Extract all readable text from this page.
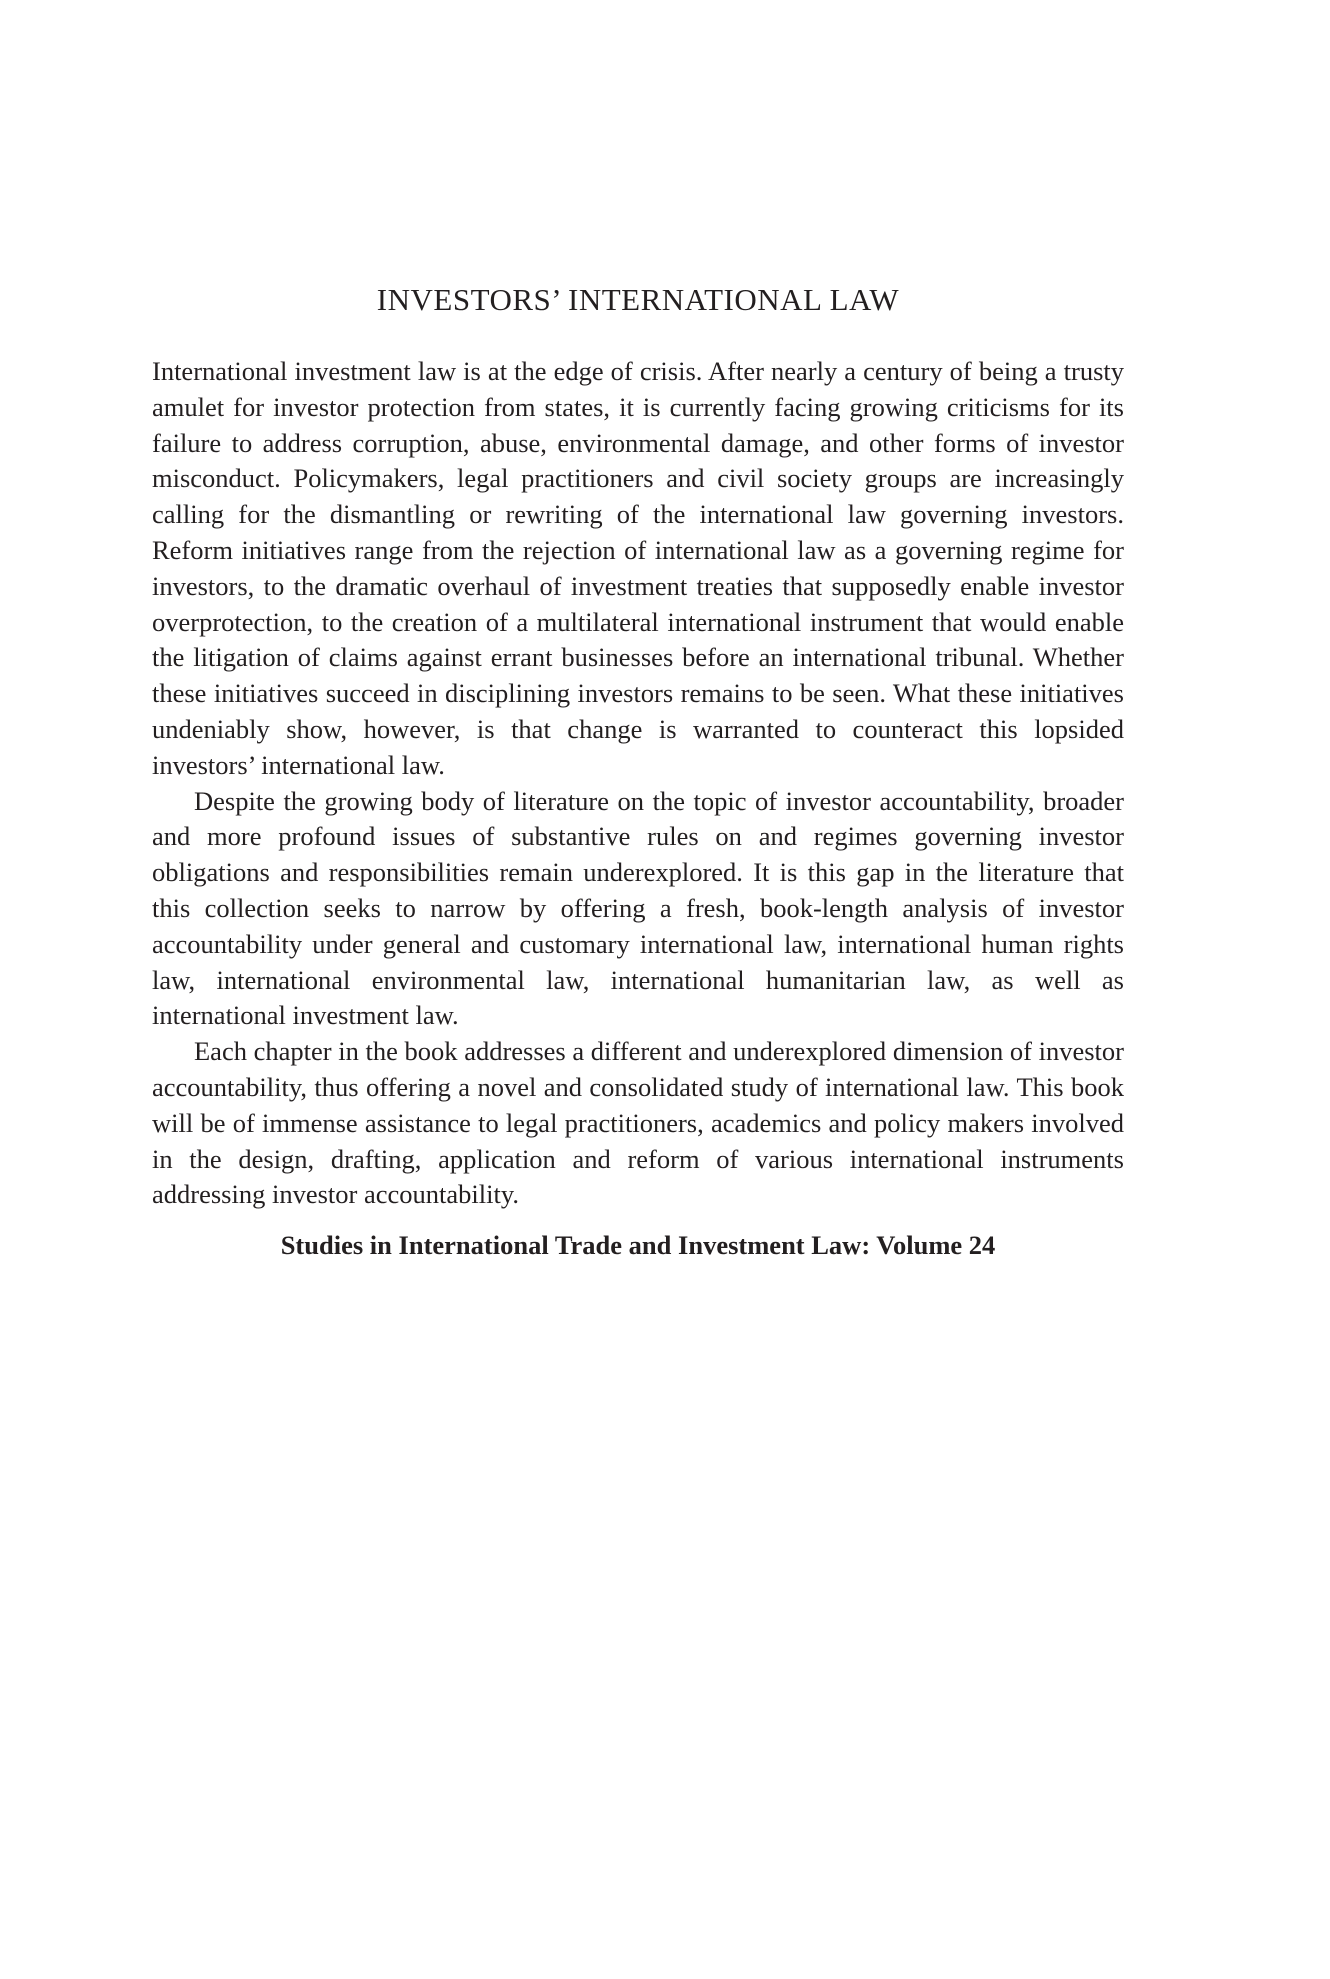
INVESTORS’ INTERNATIONAL LAW

International investment law is at the edge of crisis. After nearly a century of being a trusty amulet for investor protection from states, it is currently facing growing criticisms for its failure to address corruption, abuse, environmental damage, and other forms of investor misconduct. Policymakers, legal practitioners and civil society groups are increasingly calling for the dismantling or rewriting of the international law governing investors. Reform initiatives range from the rejection of international law as a governing regime for investors, to the dramatic overhaul of investment treaties that supposedly enable investor overprotection, to the creation of a multilateral international instrument that would enable the litigation of claims against errant businesses before an international tribunal. Whether these initiatives succeed in disciplining investors remains to be seen. What these initiatives undeniably show, however, is that change is warranted to counteract this lopsided investors’ international law.

Despite the growing body of literature on the topic of investor accountability, broader and more profound issues of substantive rules on and regimes governing investor obligations and responsibilities remain underexplored. It is this gap in the literature that this collection seeks to narrow by offering a fresh, book-length analysis of investor accountability under general and customary international law, international human rights law, international environmental law, international humanitarian law, as well as international investment law.

Each chapter in the book addresses a different and underexplored dimension of investor accountability, thus offering a novel and consolidated study of international law. This book will be of immense assistance to legal practitioners, academics and policy makers involved in the design, drafting, application and reform of various international instruments addressing investor accountability.

Studies in International Trade and Investment Law: Volume 24
